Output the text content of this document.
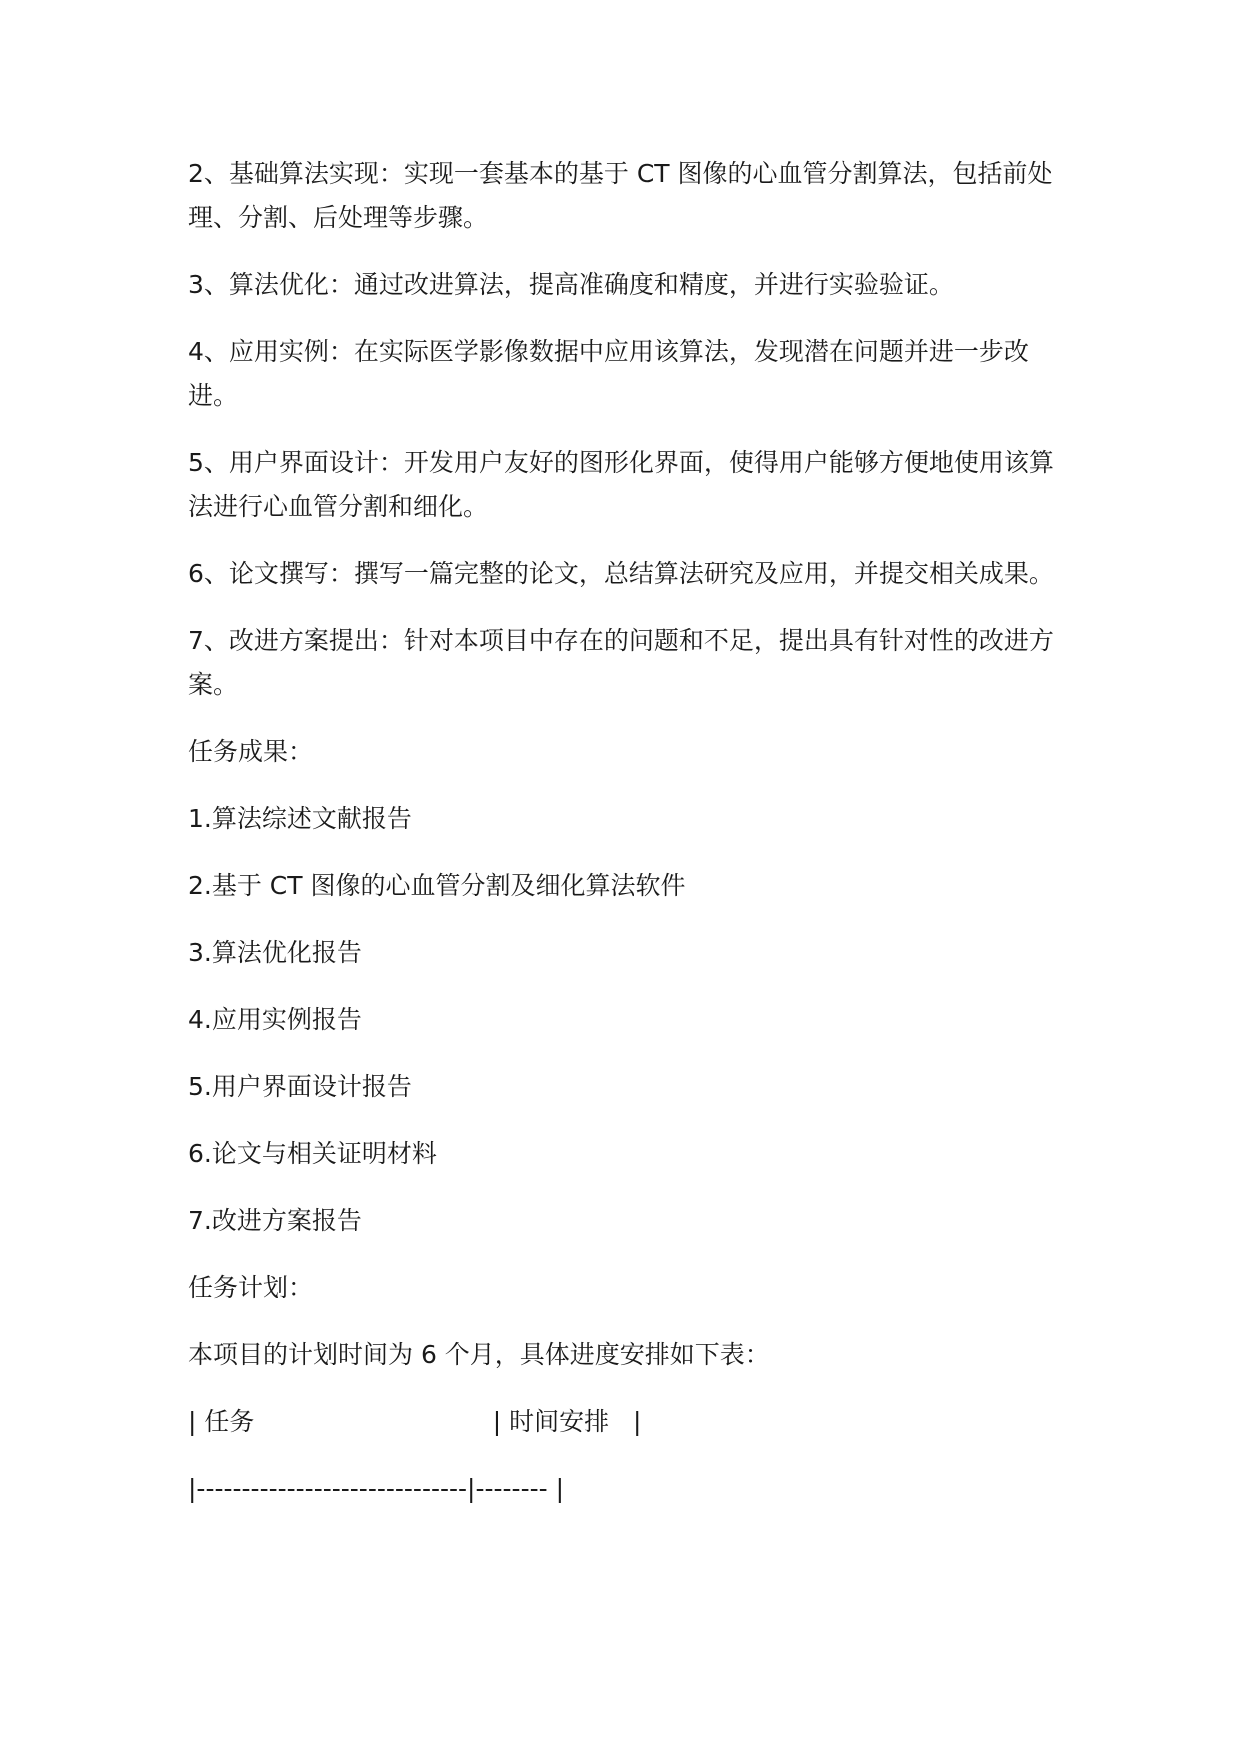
2、基础算法实现：实现一套基本的基于 CT 图像的心血管分割算法，包括前处理、分割、后处理等步骤。

3、算法优化：通过改进算法，提高准确度和精度，并进行实验验证。

4、应用实例：在实际医学影像数据中应用该算法，发现潜在问题并进一步改进。

5、用户界面设计：开发用户友好的图形化界面，使得用户能够方便地使用该算法进行心血管分割和细化。

6、论文撰写：撰写一篇完整的论文，总结算法研究及应用，并提交相关成果。

7、改进方案提出：针对本项目中存在的问题和不足，提出具有针对性的改进方案。

任务成果：

1.算法综述文献报告

2.基于 CT 图像的心血管分割及细化算法软件

3.算法优化报告

4.应用实例报告

5.用户界面设计报告

6.论文与相关证明材料

7.改进方案报告

任务计划：

本项目的计划时间为 6 个月，具体进度安排如下表：

| 任务                              | 时间安排   |

|------------------------------|-------- |
